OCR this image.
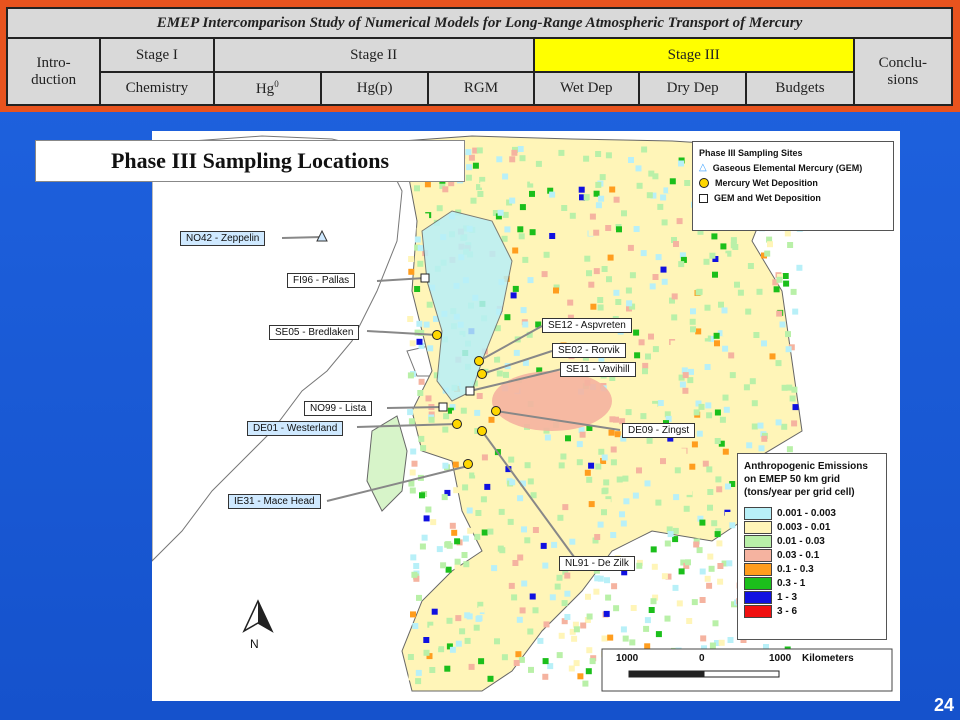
EMEP Intercomparison Study of Numerical Models for Long-Range Atmospheric Transport of Mercury								
Intro-
duction	Stage I	Stage II			Stage III			Conclu-
sions
	Chemistry	Hg$^0$	Hg(p)	RGM	Wet Dep	Dry Dep	Budgets	
Phase III Sampling Sites
△ Gaseous Elemental Mercury (GEM)
Mercury Wet Deposition
GEM and Wet Deposition
Anthropogenic Emissions
on EMEP 50 km grid
(tons/year per grid cell)
0.001 - 0.003
0.003 - 0.01
0.01 - 0.03
0.03 - 0.1
0.1 - 0.3
0.3 - 1
1 - 3
3 - 6
1000	0	1000 Kilometers
N
NO42 - Zeppelin
FI96 - Pallas
SE05 - Bredlaken
SE12 - Aspvreten
SE02 - Rorvik
SE11 - Vavihill
NO99 - Lista
DE01 - Westerland	DE09 - Zingst
IE31 - Mace Head
NL91 - De Zilk
Phase III Sampling Locations
24
